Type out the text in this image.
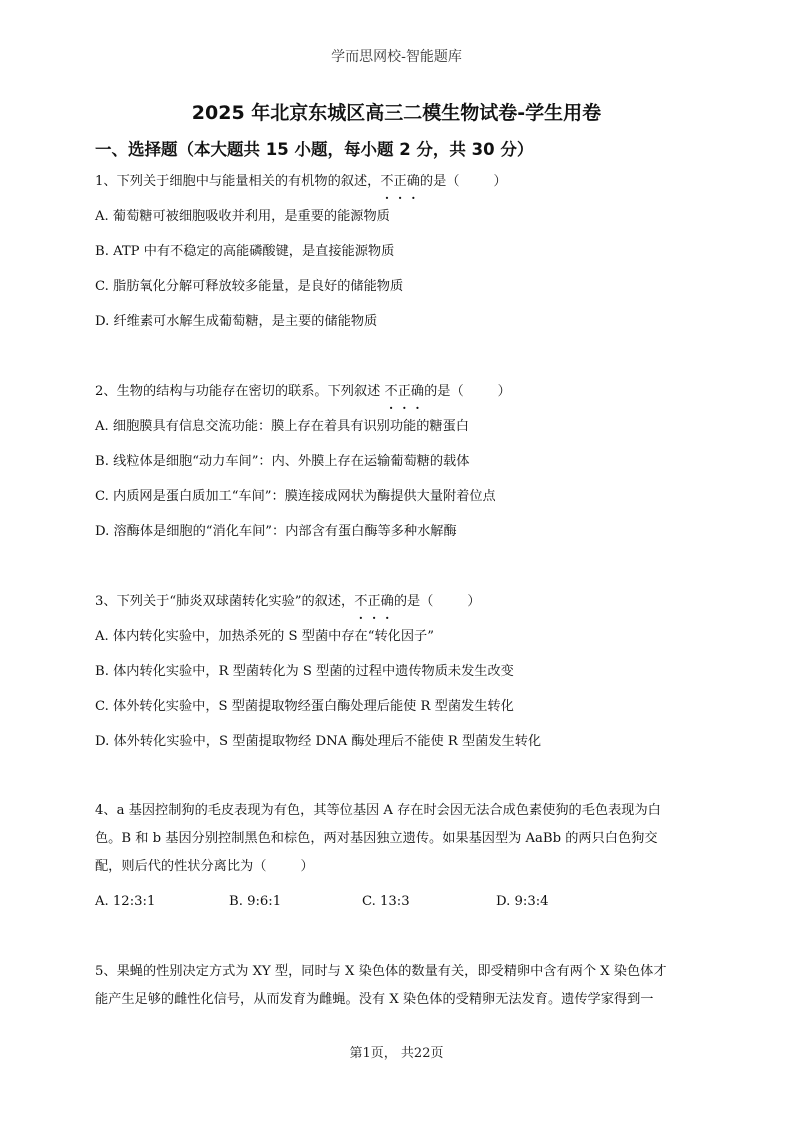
学而思网校-智能题库
2025 年北京东城区高三二模生物试卷-学生用卷
一、选择题（本大题共 15 小题，每小题 2 分，共 30 分）
1、下列关于细胞中与能量相关的有机物的叙述，不正确的是（	）
A. 葡萄糖可被细胞吸收并利用，是重要的能源物质
B. ATP 中有不稳定的高能磷酸键，是直接能源物质
C. 脂肪氧化分解可释放较多能量，是良好的储能物质
D. 纤维素可水解生成葡萄糖，是主要的储能物质
2、生物的结构与功能存在密切的联系。下列叙述 不正确的是（	）
A. 细胞膜具有信息交流功能：膜上存在着具有识别功能的糖蛋白
B. 线粒体是细胞“动力车间”：内、外膜上存在运输葡萄糖的载体
C. 内质网是蛋白质加工“车间”：膜连接成网状为酶提供大量附着位点
D. 溶酶体是细胞的“消化车间”：内部含有蛋白酶等多种水解酶
3、下列关于“肺炎双球菌转化实验”的叙述，不正确的是（	）
A. 体内转化实验中，加热杀死的 S 型菌中存在“转化因子”
B. 体内转化实验中，R 型菌转化为 S 型菌的过程中遗传物质未发生改变
C. 体外转化实验中，S 型菌提取物经蛋白酶处理后能使 R 型菌发生转化
D. 体外转化实验中，S 型菌提取物经 DNA 酶处理后不能使 R 型菌发生转化
4、a 基因控制狗的毛皮表现为有色，其等位基因 A 存在时会因无法合成色素使狗的毛色表现为白
色。B 和 b 基因分别控制黑色和棕色，两对基因独立遗传。如果基因型为 AaBb 的两只白色狗交
配，则后代的性状分离比为（	）
A. 12:3:1	B. 9:6:1	C. 13:3	D. 9:3:4
5、果蝇的性别决定方式为 XY 型，同时与 X 染色体的数量有关，即受精卵中含有两个 X 染色体才
能产生足够的雌性化信号，从而发育为雌蝇。没有 X 染色体的受精卵无法发育。遗传学家得到一
第1页， 共22页
